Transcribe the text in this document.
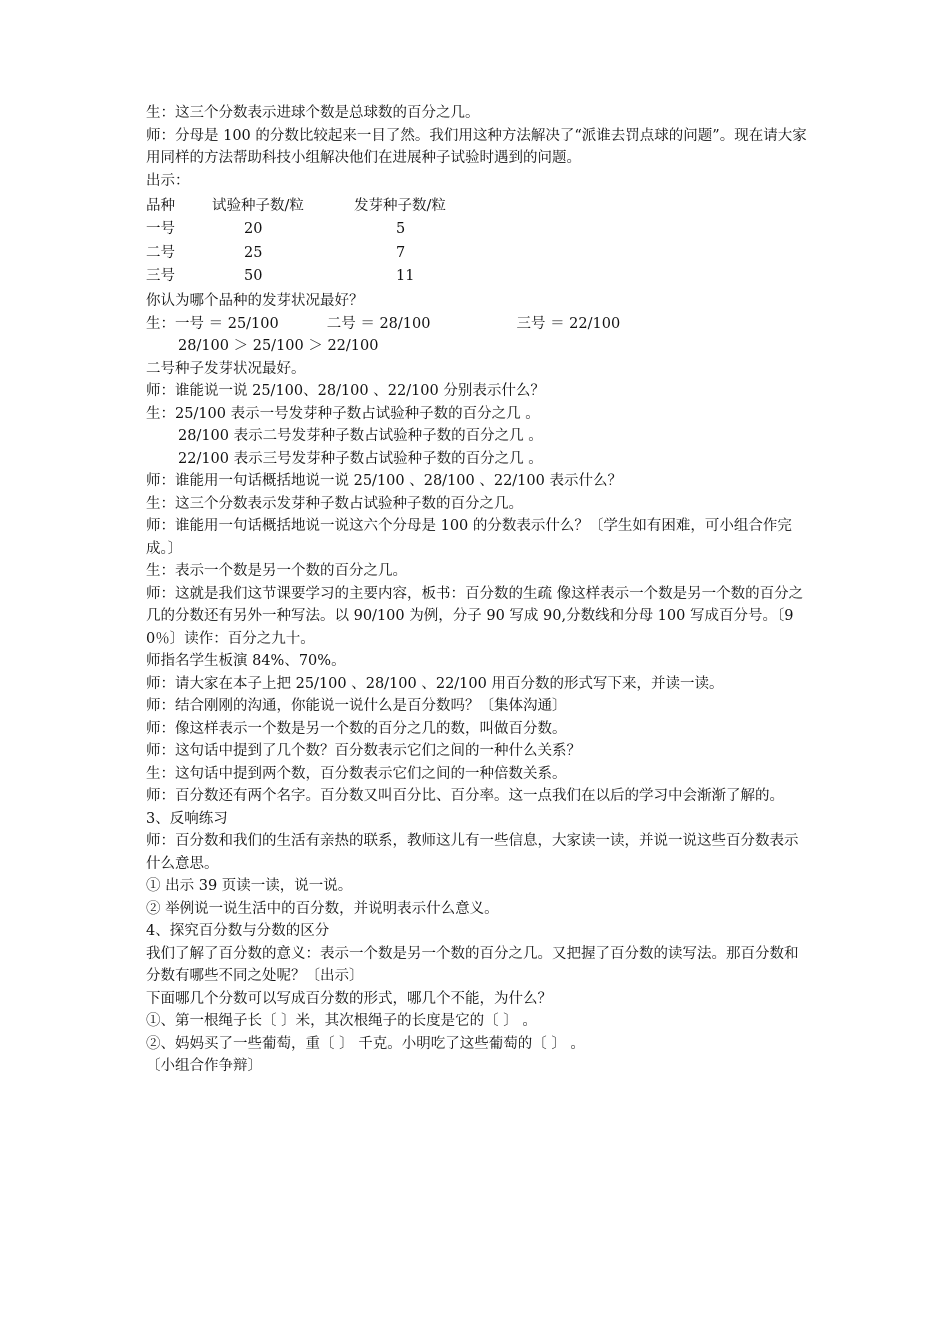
生：这三个分数表示进球个数是总球数的百分之几。

师：分母是 100 的分数比较起来一目了然。我们用这种方法解决了“派谁去罚点球的问题”。现在请大家用同样的方法帮助科技小组解决他们在进展种子试验时遇到的问题。

出示：

品种	试验种子数/粒	发芽种子数/粒
一号	20	5
二号	25	7
三号	50	11

你认为哪个品种的发芽状况最好？

生：一号 ＝ 25/100	二号 ＝ 28/100	三号 ＝ 22/100

28/100 ＞ 25/100 ＞ 22/100

二号种子发芽状况最好。

师：谁能说一说 25/100、28/100 、22/100 分别表示什么？

生：25/100 表示一号发芽种子数占试验种子数的百分之几 。

28/100 表示二号发芽种子数占试验种子数的百分之几 。

22/100 表示三号发芽种子数占试验种子数的百分之几 。

师：谁能用一句话概括地说一说 25/100 、28/100 、22/100 表示什么？

生：这三个分数表示发芽种子数占试验种子数的百分之几。

师：谁能用一句话概括地说一说这六个分母是 100 的分数表示什么？〔学生如有困难，可小组合作完成。〕

生：表示一个数是另一个数的百分之几。

师：这就是我们这节课要学习的主要内容，板书：百分数的生疏 像这样表示一个数是另一个数的百分之几的分数还有另外一种写法。以 90/100 为例，分子 90 写成 90,分数线和分母 100 写成百分号。〔90％〕读作：百分之九十。

师指名学生板演 84%、70%。

师：请大家在本子上把 25/100 、28/100 、22/100 用百分数的形式写下来，并读一读。

师：结合刚刚的沟通，你能说一说什么是百分数吗？〔集体沟通〕

师：像这样表示一个数是另一个数的百分之几的数，叫做百分数。

师：这句话中提到了几个数？百分数表示它们之间的一种什么关系？

生：这句话中提到两个数，百分数表示它们之间的一种倍数关系。

师：百分数还有两个名字。百分数又叫百分比、百分率。这一点我们在以后的学习中会渐渐了解的。

3、反响练习

师：百分数和我们的生活有亲热的联系，教师这儿有一些信息，大家读一读，并说一说这些百分数表示什么意思。

① 出示 39 页读一读，说一说。

② 举例说一说生活中的百分数，并说明表示什么意义。

4、探究百分数与分数的区分

我们了解了百分数的意义：表示一个数是另一个数的百分之几。又把握了百分数的读写法。那百分数和分数有哪些不同之处呢？〔出示〕

下面哪几个分数可以写成百分数的形式，哪几个不能，为什么？

①、第一根绳子长〔 〕米，其次根绳子的长度是它的〔 〕 。

②、妈妈买了一些葡萄，重〔 〕 千克。小明吃了这些葡萄的〔 〕 。

〔小组合作争辩〕
